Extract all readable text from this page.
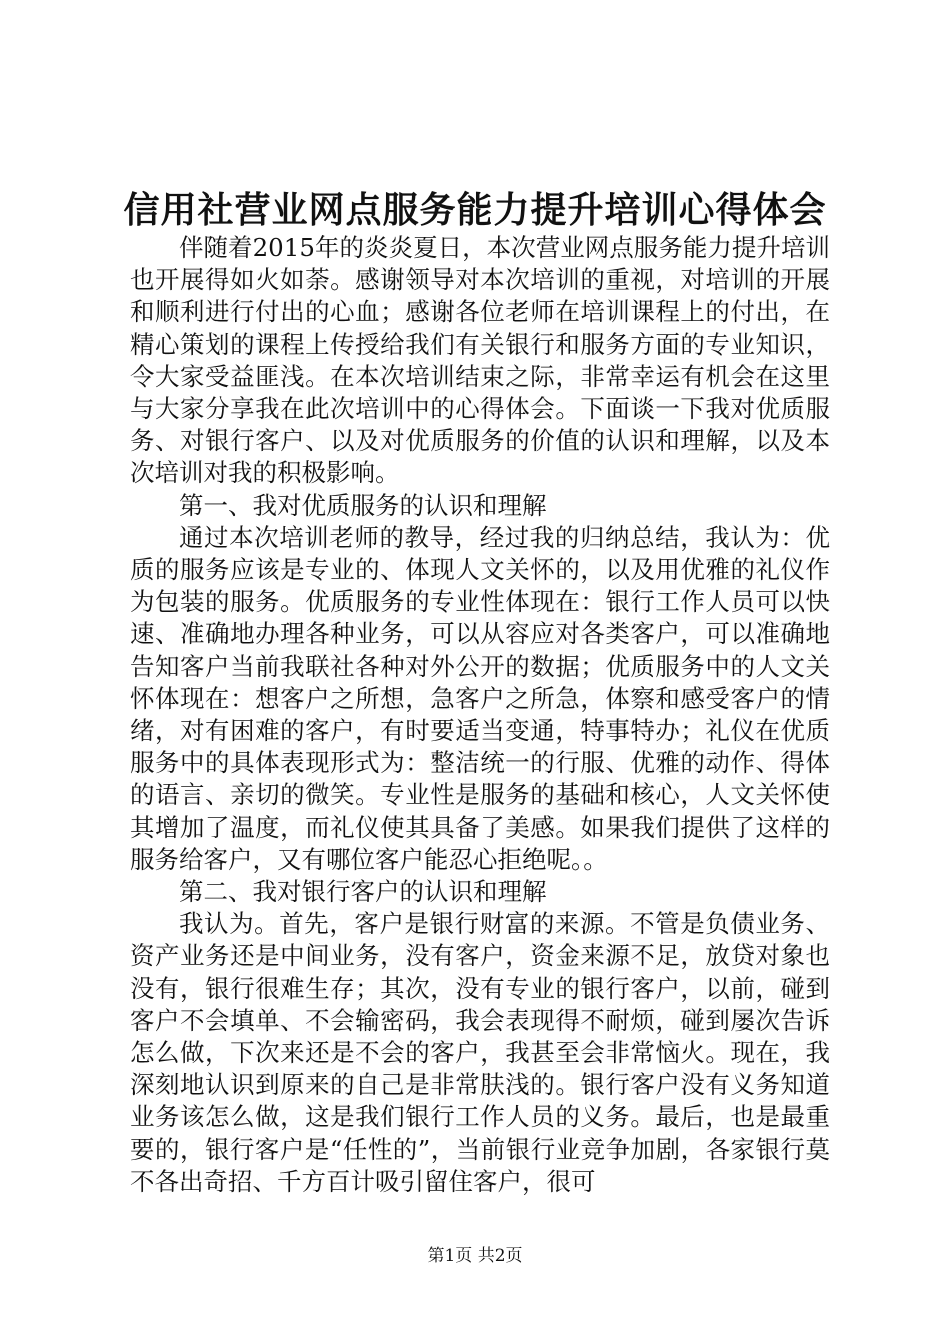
信用社营业网点服务能力提升培训心得体会

伴随着2015年的炎炎夏日，本次营业网点服务能力提升培训也开展得如火如荼。感谢领导对本次培训的重视，对培训的开展和顺利进行付出的心血；感谢各位老师在培训课程上的付出，在精心策划的课程上传授给我们有关银行和服务方面的专业知识，令大家受益匪浅。在本次培训结束之际，非常幸运有机会在这里与大家分享我在此次培训中的心得体会。下面谈一下我对优质服务、对银行客户、以及对优质服务的价值的认识和理解，以及本次培训对我的积极影响。

第一、我对优质服务的认识和理解

通过本次培训老师的教导，经过我的归纳总结，我认为：优质的服务应该是专业的、体现人文关怀的，以及用优雅的礼仪作为包装的服务。优质服务的专业性体现在：银行工作人员可以快速、准确地办理各种业务，可以从容应对各类客户，可以准确地告知客户当前我联社各种对外公开的数据；优质服务中的人文关怀体现在：想客户之所想，急客户之所急，体察和感受客户的情绪，对有困难的客户，有时要适当变通，特事特办；礼仪在优质服务中的具体表现形式为：整洁统一的行服、优雅的动作、得体的语言、亲切的微笑。专业性是服务的基础和核心，人文关怀使其增加了温度，而礼仪使其具备了美感。如果我们提供了这样的服务给客户，又有哪位客户能忍心拒绝呢。。

第二、我对银行客户的认识和理解

我认为。首先，客户是银行财富的来源。不管是负债业务、资产业务还是中间业务，没有客户，资金来源不足，放贷对象也没有，银行很难生存；其次，没有专业的银行客户，以前，碰到客户不会填单、不会输密码，我会表现得不耐烦，碰到屡次告诉怎么做，下次来还是不会的客户，我甚至会非常恼火。现在，我深刻地认识到原来的自己是非常肤浅的。银行客户没有义务知道业务该怎么做，这是我们银行工作人员的义务。最后，也是最重要的，银行客户是“任性的”，当前银行业竞争加剧，各家银行莫不各出奇招、千方百计吸引留住客户，很可

第1页 共2页
